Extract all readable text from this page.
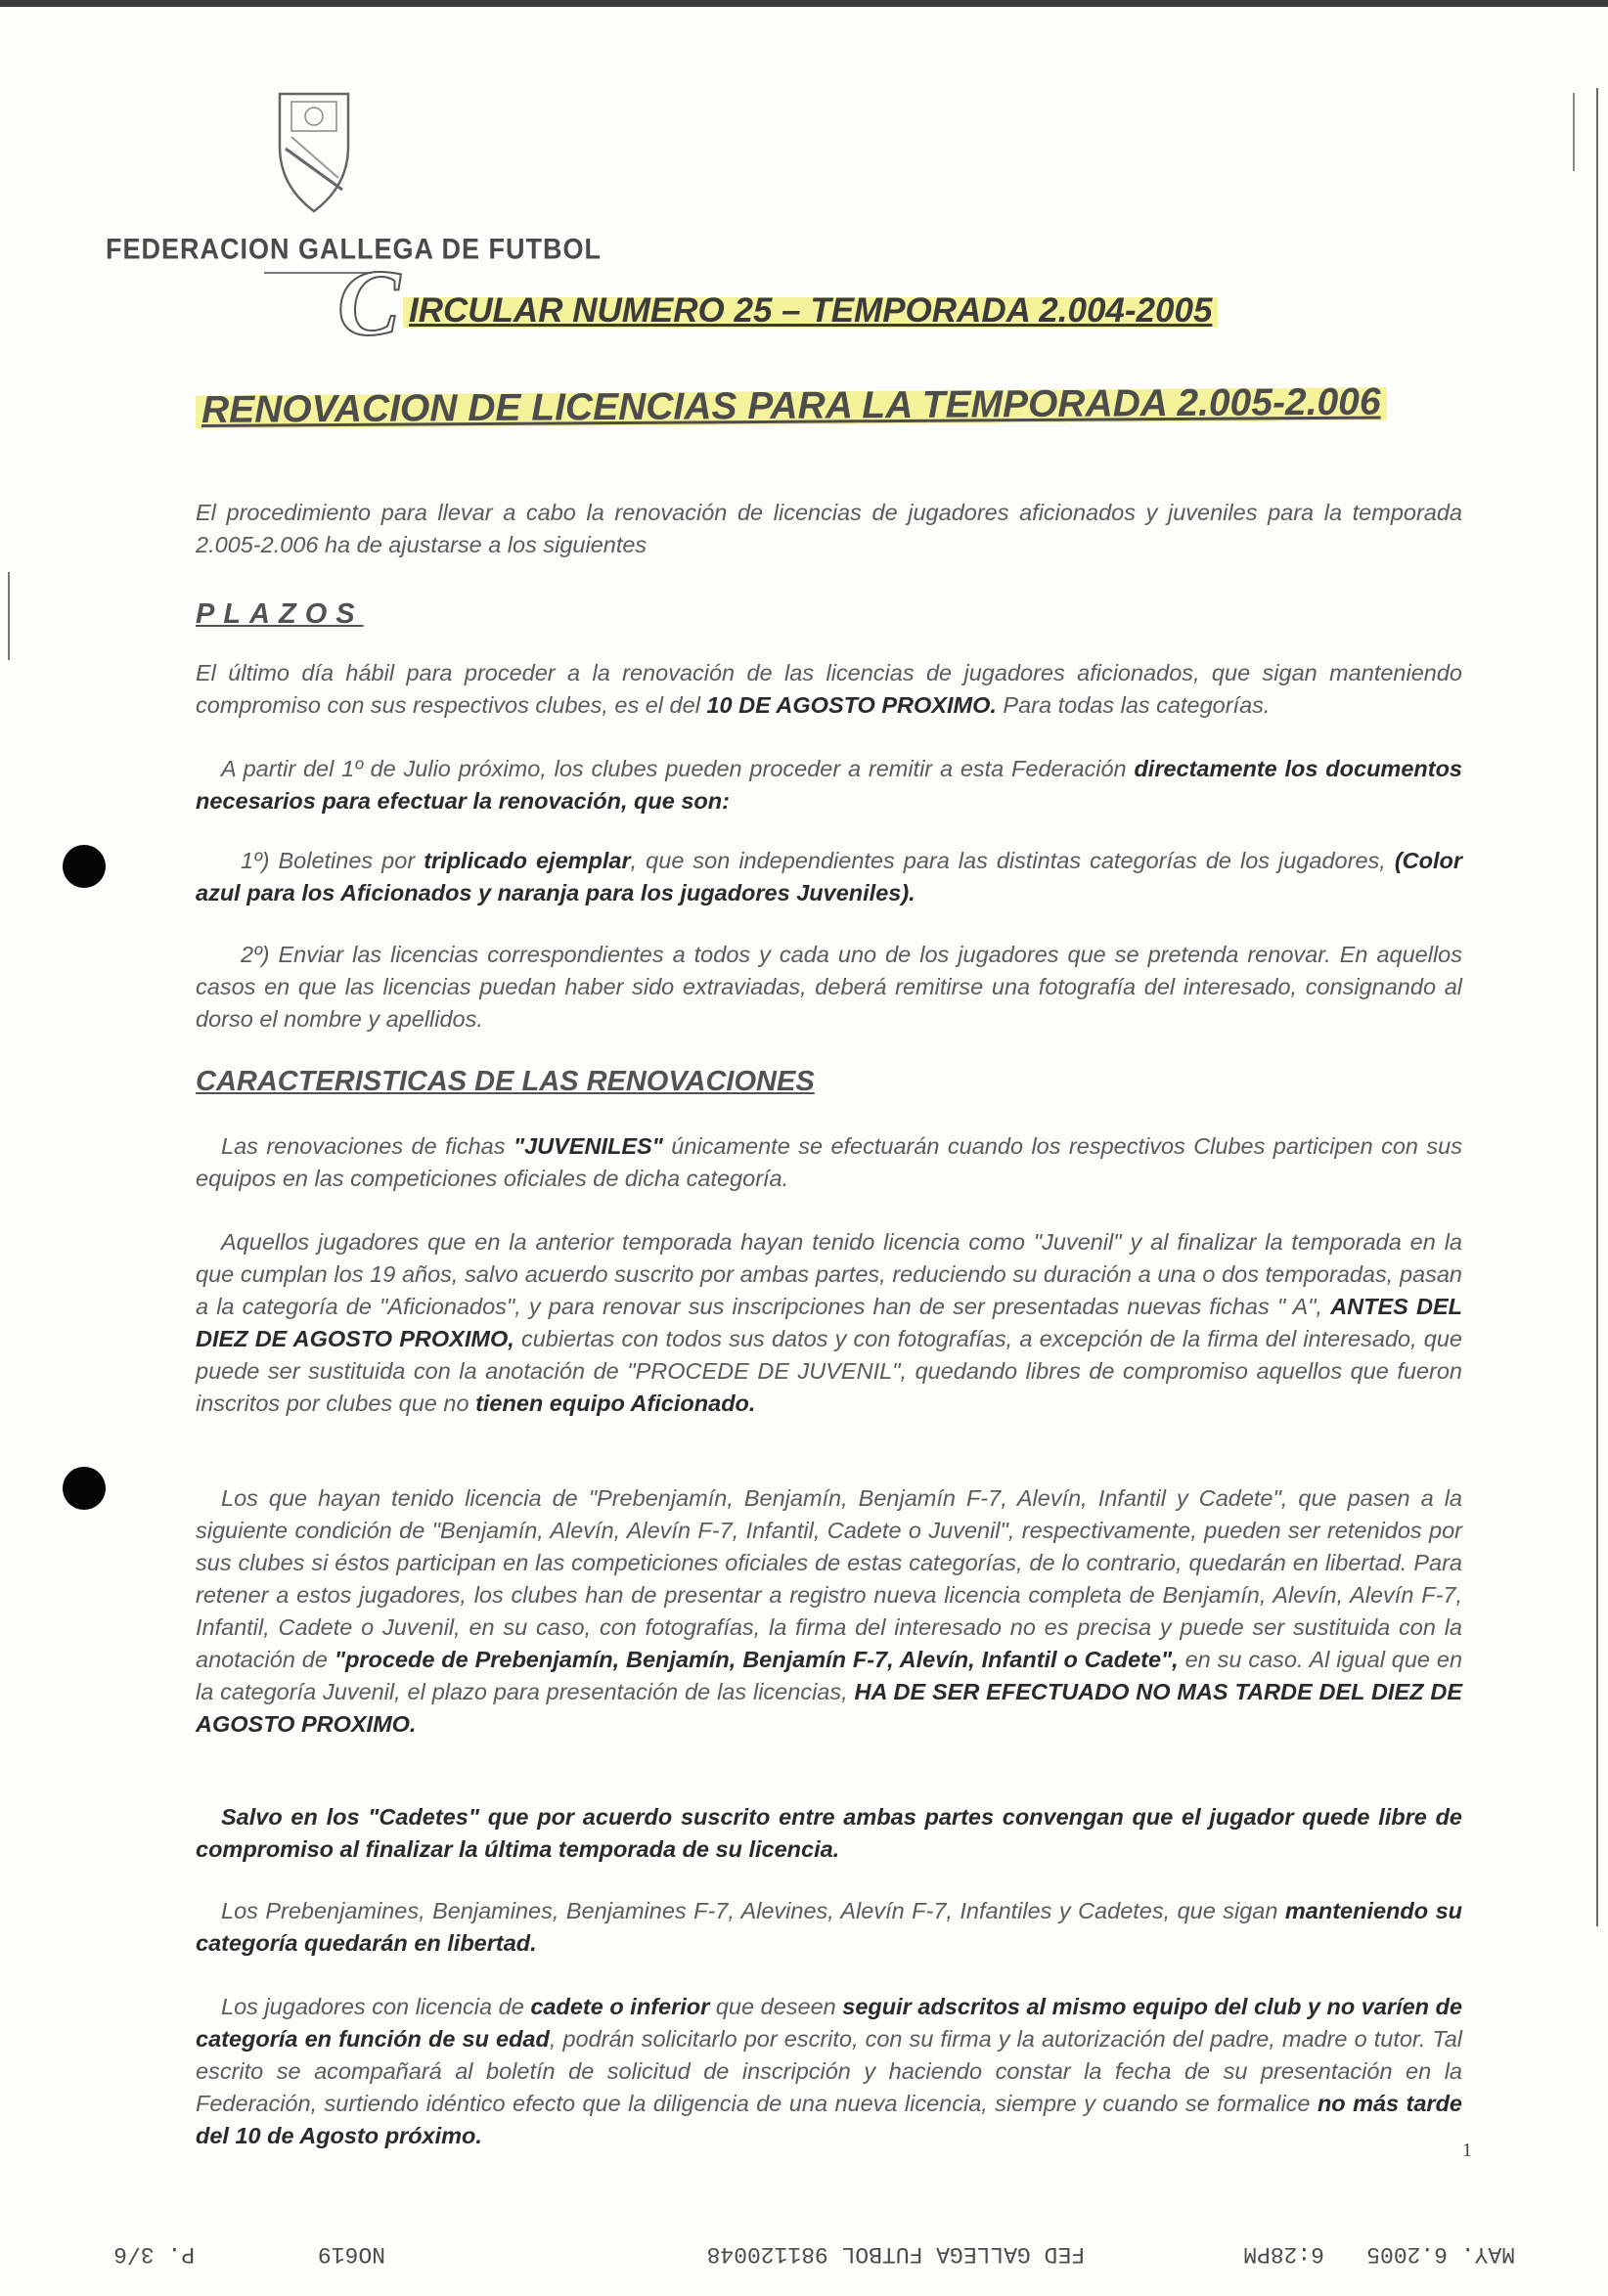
FEDERACION GALLEGA DE FUTBOL
C IRCULAR NUMERO 25 – TEMPORADA 2.004-2005
RENOVACION DE LICENCIAS PARA LA TEMPORADA 2.005-2.006
El procedimiento para llevar a cabo la renovación de licencias de jugadores aficionados y juveniles para la temporada 2.005-2.006 ha de ajustarse a los siguientes
PLAZOS
El último día hábil para proceder a la renovación de las licencias de jugadores aficionados, que sigan manteniendo compromiso con sus respectivos clubes, es el del 10 DE AGOSTO PROXIMO. Para todas las categorías.
A partir del 1º de Julio próximo, los clubes pueden proceder a remitir a esta Federación directamente los documentos necesarios para efectuar la renovación, que son:
1º) Boletines por triplicado ejemplar, que son independientes para las distintas categorías de los jugadores, (Color azul para los Aficionados y naranja para los jugadores Juveniles).
2º) Enviar las licencias correspondientes a todos y cada uno de los jugadores que se pretenda renovar. En aquellos casos en que las licencias puedan haber sido extraviadas, deberá remitirse una fotografía del interesado, consignando al dorso el nombre y apellidos.
CARACTERISTICAS DE LAS RENOVACIONES
Las renovaciones de fichas "JUVENILES" únicamente se efectuarán cuando los respectivos Clubes participen con sus equipos en las competiciones oficiales de dicha categoría.
Aquellos jugadores que en la anterior temporada hayan tenido licencia como "Juvenil" y al finalizar la temporada en la que cumplan los 19 años, salvo acuerdo suscrito por ambas partes, reduciendo su duración a una o dos temporadas, pasan a la categoría de "Aficionados", y para renovar sus inscripciones han de ser presentadas nuevas fichas " A", ANTES DEL DIEZ DE AGOSTO PROXIMO, cubiertas con todos sus datos y con fotografías, a excepción de la firma del interesado, que puede ser sustituida con la anotación de "PROCEDE DE JUVENIL", quedando libres de compromiso aquellos que fueron inscritos por clubes que no tienen equipo Aficionado.
Los que hayan tenido licencia de "Prebenjamín, Benjamín, Benjamín F-7, Alevín, Infantil y Cadete", que pasen a la siguiente condición de "Benjamín, Alevín, Alevín F-7, Infantil, Cadete o Juvenil", respectivamente, pueden ser retenidos por sus clubes si éstos participan en las competiciones oficiales de estas categorías, de lo contrario, quedarán en libertad. Para retener a estos jugadores, los clubes han de presentar a registro nueva licencia completa de Benjamín, Alevín, Alevín F-7, Infantil, Cadete o Juvenil, en su caso, con fotografías, la firma del interesado no es precisa y puede ser sustituida con la anotación de "procede de Prebenjamín, Benjamín, Benjamín F-7, Alevín, Infantil o Cadete", en su caso. Al igual que en la categoría Juvenil, el plazo para presentación de las licencias, HA DE SER EFECTUADO NO MAS TARDE DEL DIEZ DE AGOSTO PROXIMO.
Salvo en los "Cadetes" que por acuerdo suscrito entre ambas partes convengan que el jugador quede libre de compromiso al finalizar la última temporada de su licencia.
Los Prebenjamines, Benjamines, Benjamines F-7, Alevines, Alevín F-7, Infantiles y Cadetes, que sigan manteniendo su categoría quedarán en libertad.
Los jugadores con licencia de cadete o inferior que deseen seguir adscritos al mismo equipo del club y no varíen de categoría en función de su edad, podrán solicitarlo por escrito, con su firma y la autorización del padre, madre o tutor. Tal escrito se acompañará al boletín de solicitud de inscripción y haciendo constar la fecha de su presentación en la Federación, surtiendo idéntico efecto que la diligencia de una nueva licencia, siempre y cuando se formalice no más tarde del 10 de Agosto próximo.
1
MAY. 6.2005
6:28PM
FED GALLEGA FUTBOL 981120048
NO619
P. 3/6
